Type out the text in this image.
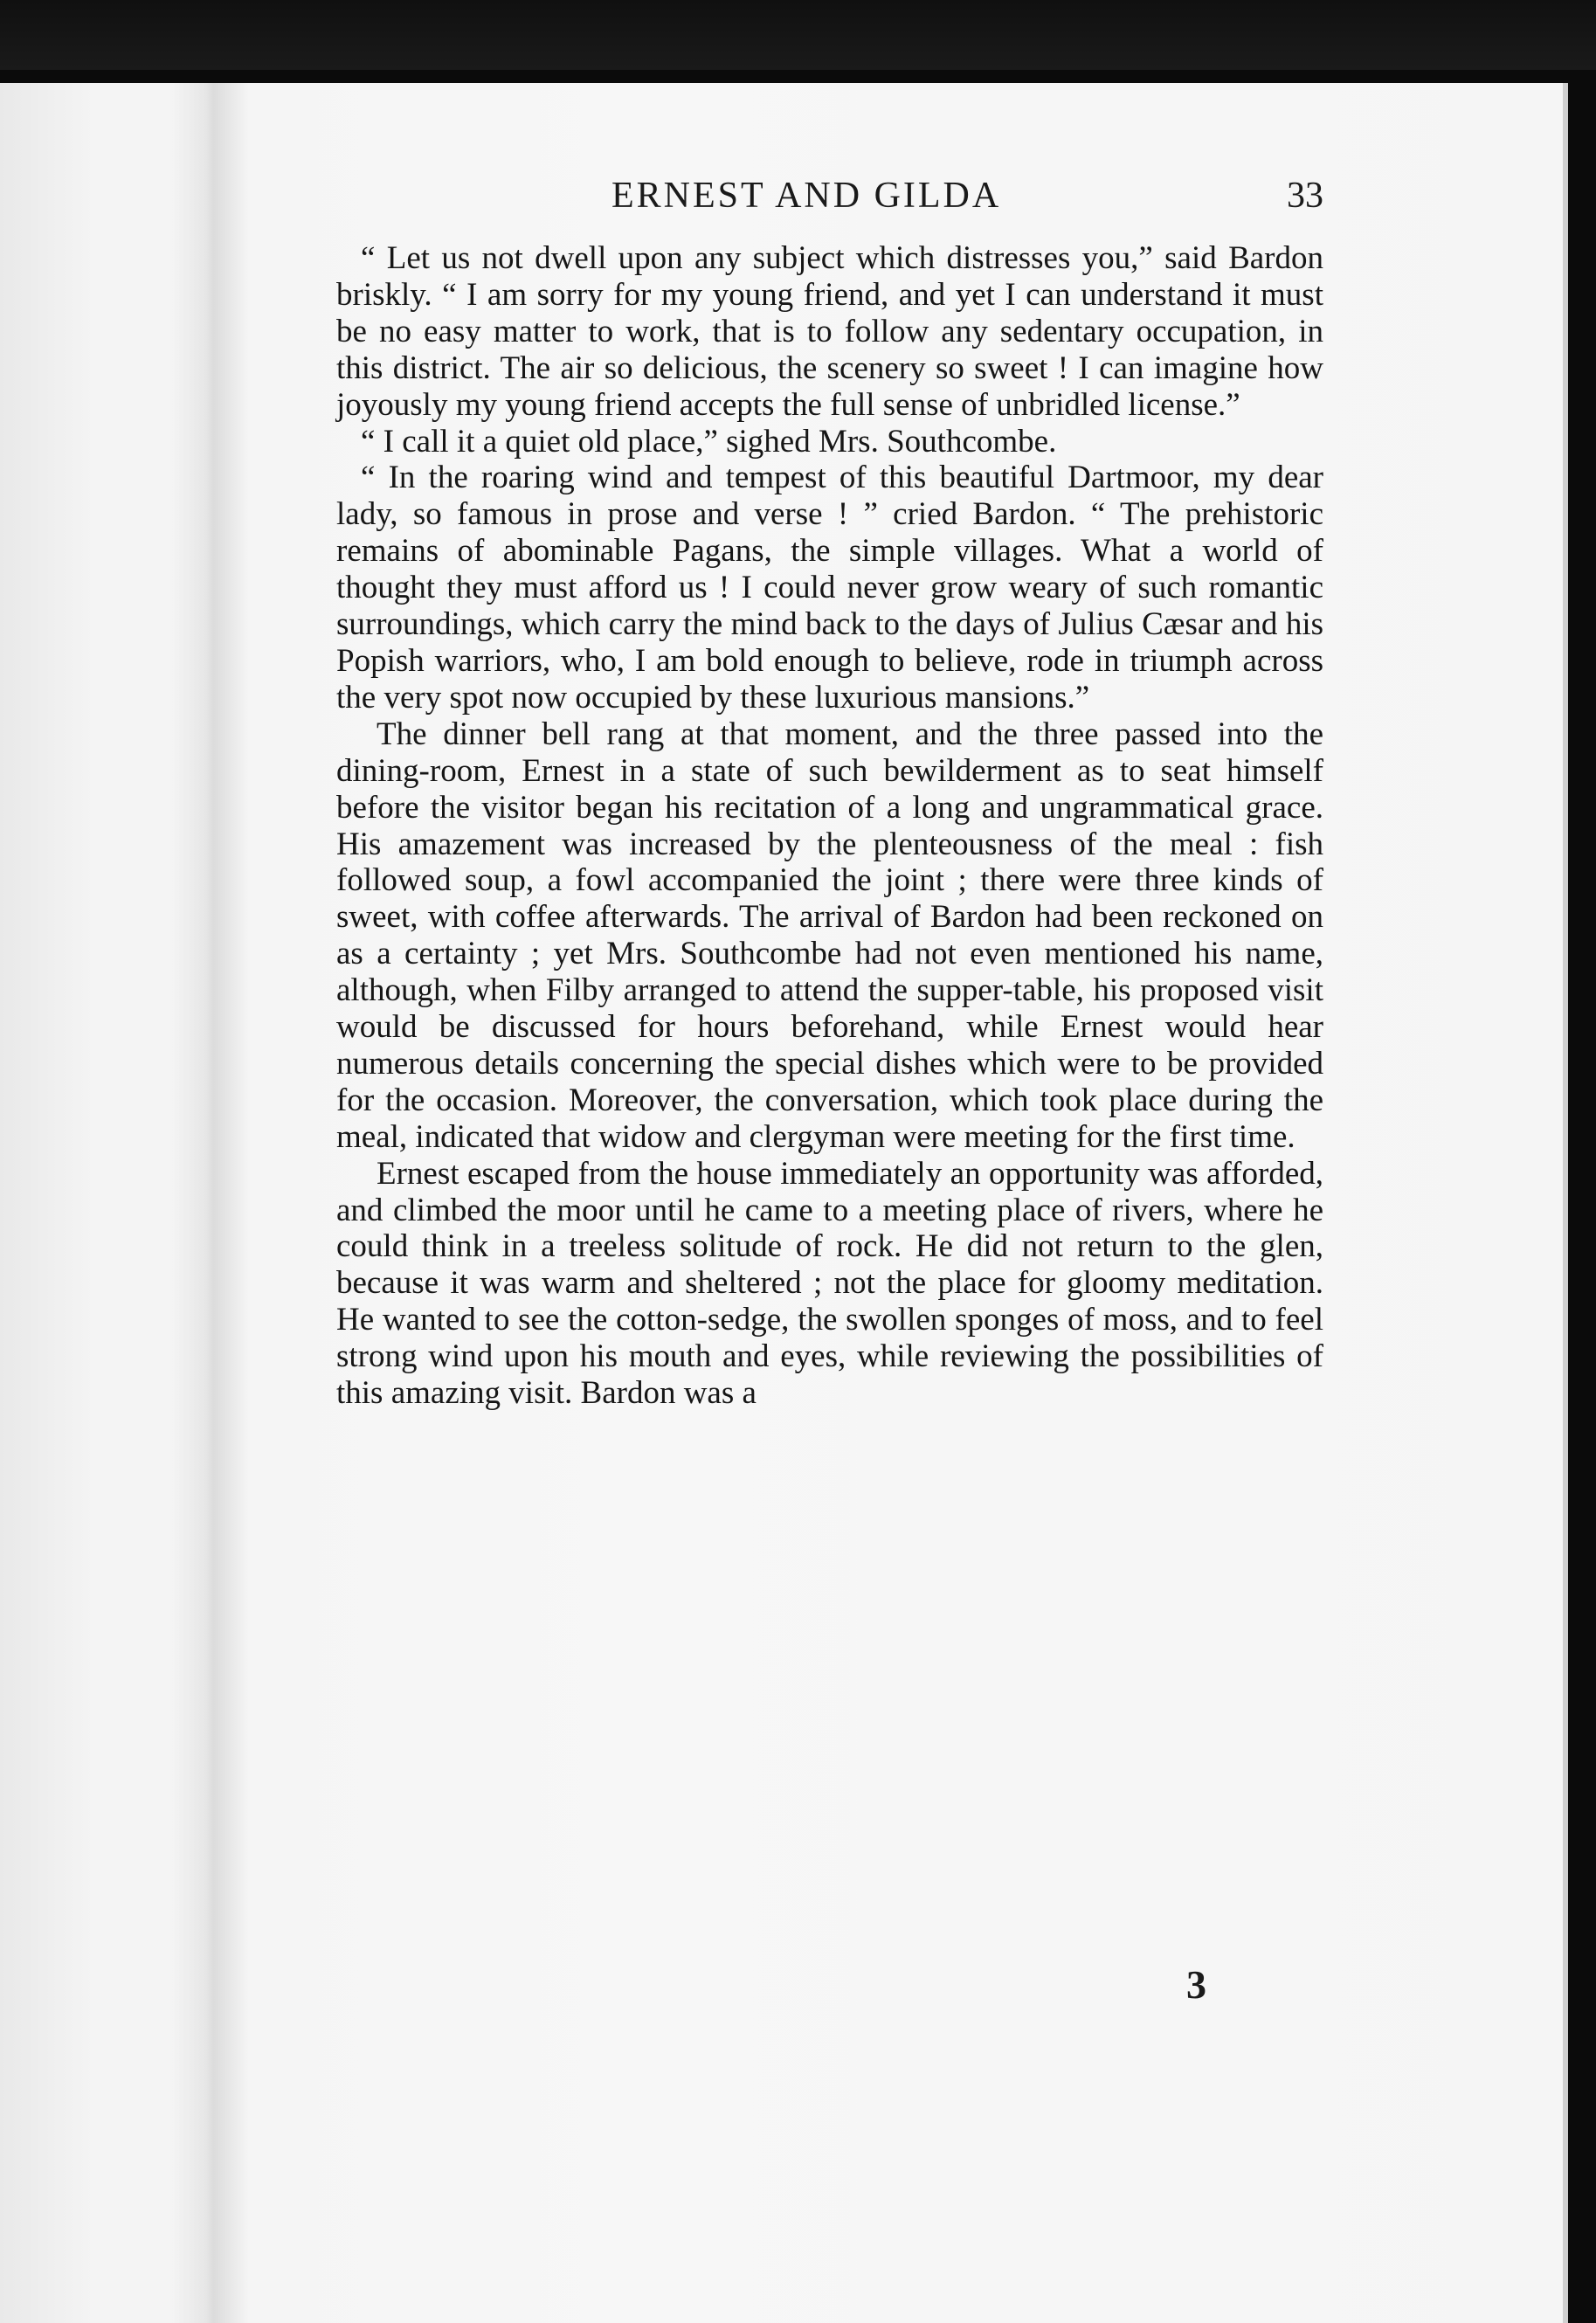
ERNEST AND GILDA	33

“ Let us not dwell upon any subject which distresses you,” said Bardon briskly. “ I am sorry for my young friend, and yet I can understand it must be no easy matter to work, that is to follow any sedentary occupation, in this district. The air so delicious, the scenery so sweet ! I can imagine how joyously my young friend accepts the full sense of unbridled license.”

“ I call it a quiet old place,” sighed Mrs. Southcombe.

“ In the roaring wind and tempest of this beautiful Dartmoor, my dear lady, so famous in prose and verse ! ” cried Bardon. “ The prehistoric remains of abominable Pagans, the simple villages. What a world of thought they must afford us ! I could never grow weary of such romantic surroundings, which carry the mind back to the days of Julius Cæsar and his Popish warriors, who, I am bold enough to believe, rode in triumph across the very spot now occupied by these luxurious mansions.”

The dinner bell rang at that moment, and the three passed into the dining-room, Ernest in a state of such bewilderment as to seat himself before the visitor began his recitation of a long and ungrammatical grace. His amazement was increased by the plenteousness of the meal : fish followed soup, a fowl accompanied the joint ; there were three kinds of sweet, with coffee afterwards. The arrival of Bardon had been reckoned on as a certainty ; yet Mrs. Southcombe had not even mentioned his name, although, when Filby arranged to attend the supper-table, his proposed visit would be discussed for hours beforehand, while Ernest would hear numerous details concerning the special dishes which were to be provided for the occasion. Moreover, the conversation, which took place during the meal, indicated that widow and clergyman were meeting for the first time.

Ernest escaped from the house immediately an opportunity was afforded, and climbed the moor until he came to a meeting place of rivers, where he could think in a treeless solitude of rock. He did not return to the glen, because it was warm and sheltered ; not the place for gloomy meditation. He wanted to see the cotton-sedge, the swollen sponges of moss, and to feel strong wind upon his mouth and eyes, while reviewing the possibilities of this amazing visit. Bardon was a

3
